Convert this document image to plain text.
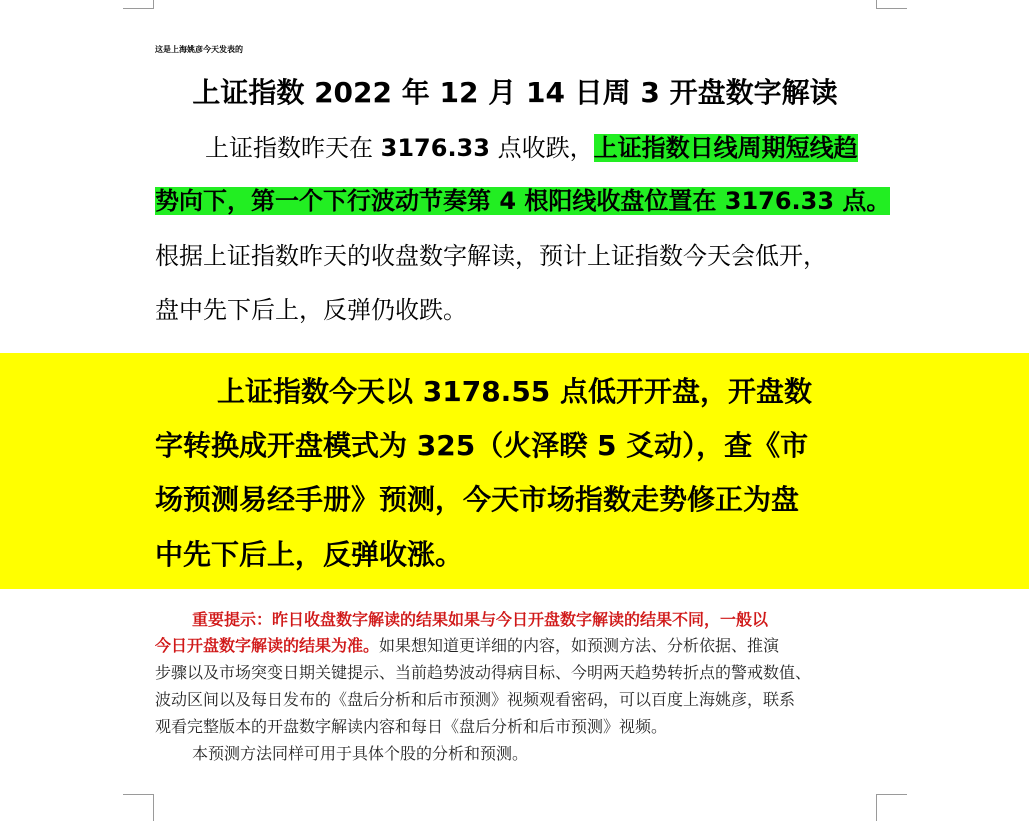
这是上海姚彦今天发表的
上证指数 2022 年 12 月 14 日周 3 开盘数字解读
上证指数昨天在 3176.33 点收跌，上证指数日线周期短线趋
势向下，第一个下行波动节奏第 4 根阳线收盘位置在 3176.33 点。
根据上证指数昨天的收盘数字解读，预计上证指数今天会低开，
盘中先下后上，反弹仍收跌。
上证指数今天以 3178.55 点低开开盘，开盘数
字转换成开盘模式为 325（火泽睽 5 爻动），查《市
场预测易经手册》预测，今天市场指数走势修正为盘
中先下后上，反弹收涨。
重要提示：昨日收盘数字解读的结果如果与今日开盘数字解读的结果不同，一般以
今日开盘数字解读的结果为准。如果想知道更详细的内容，如预测方法、分析依据、推演
步骤以及市场突变日期关键提示、当前趋势波动得病目标、今明两天趋势转折点的警戒数值、
波动区间以及每日发布的《盘后分析和后市预测》视频观看密码，可以百度上海姚彦，联系
观看完整版本的开盘数字解读内容和每日《盘后分析和后市预测》视频。
本预测方法同样可用于具体个股的分析和预测。
